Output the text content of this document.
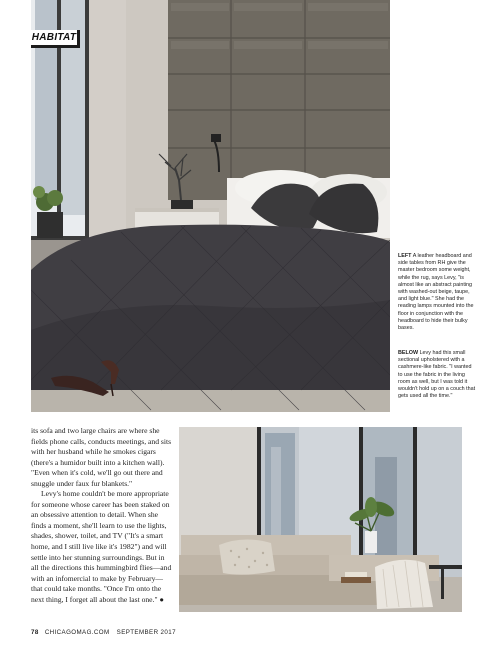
HABITAT

LEFT A leather headboard and side tables from RH give the master bedroom some weight, while the rug, says Levy, "is almost like an abstract painting with washed-out beige, taupe, and light blue." She had the reading lamps mounted into the floor in conjunction with the headboard to hide their bulky bases.

BELOW Levy had this small sectional upholstered with a cashmere-like fabric. "I wanted to use the fabric in the living room as well, but I was told it wouldn't hold up on a couch that gets used all the time."

its sofa and two large chairs are where she fields phone calls, conducts meetings, and sits with her husband while he smokes cigars (there's a humidor built into a kitchen wall). "Even when it's cold, we'll go out there and snuggle under faux fur blankets."

Levy's home couldn't be more appropriate for someone whose career has been staked on an obsessive attention to detail. When she finds a moment, she'll learn to use the lights, shades, shower, toilet, and TV ("It's a smart home, and I still live like it's 1982") and will settle into her stunning surroundings. But in all the directions this hummingbird flies—and with an infomercial to make by February—that could take months. "Once I'm onto the next thing, I forget all about the last one." ●

78 CHICAGOMAG.COM SEPTEMBER 2017
